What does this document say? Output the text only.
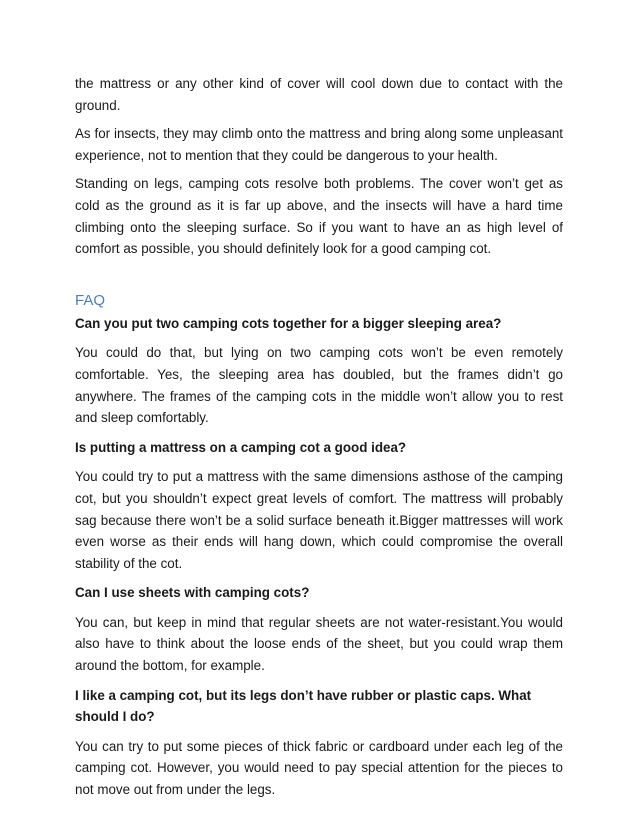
the mattress or any other kind of cover will cool down due to contact with the ground.

As for insects, they may climb onto the mattress and bring along some unpleasant experience, not to mention that they could be dangerous to your health.

Standing on legs, camping cots resolve both problems. The cover won’t get as cold as the ground as it is far up above, and the insects will have a hard time climbing onto the sleeping surface. So if you want to have an as high level of comfort as possible, you should definitely look for a good camping cot.

FAQ

Can you put two camping cots together for a bigger sleeping area?

You could do that, but lying on two camping cots won’t be even remotely comfortable. Yes, the sleeping area has doubled, but the frames didn’t go anywhere. The frames of the camping cots in the middle won’t allow you to rest and sleep comfortably.

Is putting a mattress on a camping cot a good idea?

You could try to put a mattress with the same dimensions asthose of the camping cot, but you shouldn’t expect great levels of comfort. The mattress will probably sag because there won’t be a solid surface beneath it.Bigger mattresses will work even worse as their ends will hang down, which could compromise the overall stability of the cot.

Can I use sheets with camping cots?

You can, but keep in mind that regular sheets are not water-resistant.You would also have to think about the loose ends of the sheet, but you could wrap them around the bottom, for example.

I like a camping cot, but its legs don’t have rubber or plastic caps. What should I do?

You can try to put some pieces of thick fabric or cardboard under each leg of the camping cot. However, you would need to pay special attention for the pieces to not move out from under the legs.
